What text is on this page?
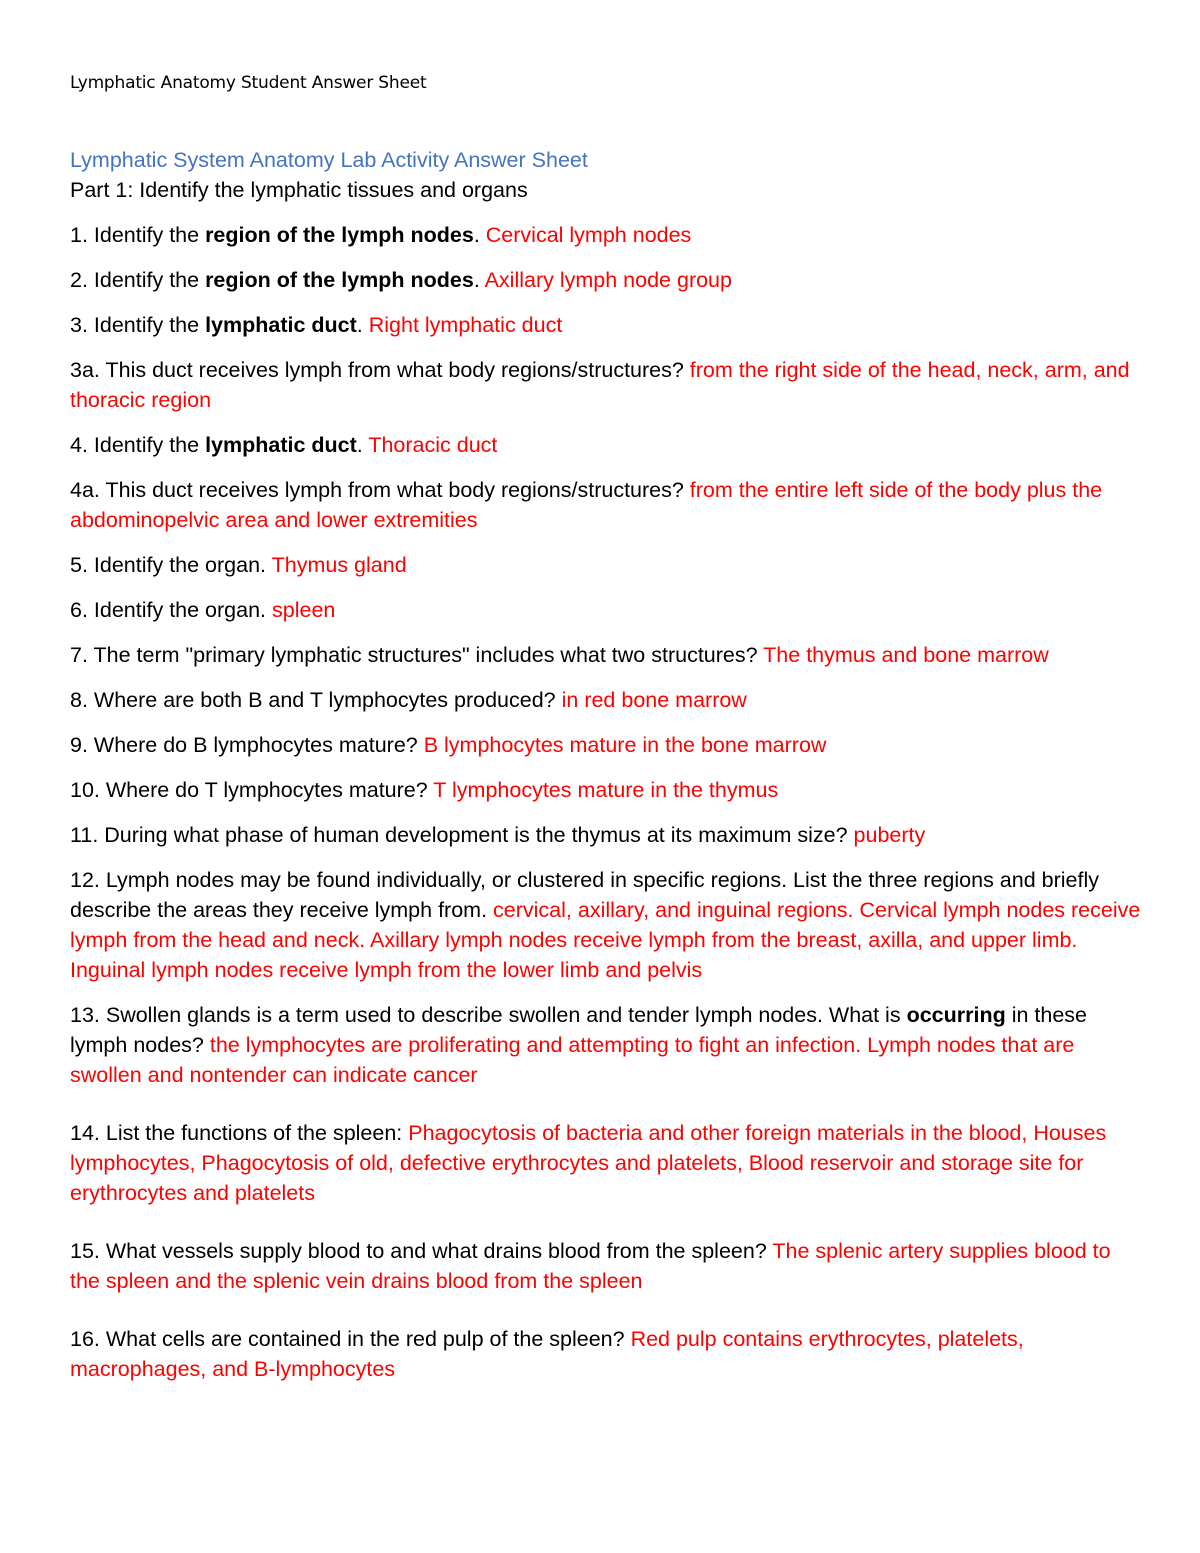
Lymphatic Anatomy Student Answer Sheet

Lymphatic System Anatomy Lab Activity Answer Sheet

Part 1: Identify the lymphatic tissues and organs

1. Identify the region of the lymph nodes. Cervical lymph nodes

2. Identify the region of the lymph nodes. Axillary lymph node group

3. Identify the lymphatic duct. Right lymphatic duct

3a. This duct receives lymph from what body regions/structures? from the right side of the head, neck, arm, and thoracic region

4. Identify the lymphatic duct. Thoracic duct

4a. This duct receives lymph from what body regions/structures? from the entire left side of the body plus the abdominopelvic area and lower extremities

5. Identify the organ. Thymus gland

6. Identify the organ. spleen

7. The term "primary lymphatic structures" includes what two structures? The thymus and bone marrow

8. Where are both B and T lymphocytes produced? in red bone marrow

9. Where do B lymphocytes mature? B lymphocytes mature in the bone marrow

10. Where do T lymphocytes mature? T lymphocytes mature in the thymus

11. During what phase of human development is the thymus at its maximum size? puberty

12. Lymph nodes may be found individually, or clustered in specific regions. List the three regions and briefly describe the areas they receive lymph from. cervical, axillary, and inguinal regions. Cervical lymph nodes receive lymph from the head and neck. Axillary lymph nodes receive lymph from the breast, axilla, and upper limb. Inguinal lymph nodes receive lymph from the lower limb and pelvis

13. Swollen glands is a term used to describe swollen and tender lymph nodes. What is occurring in these lymph nodes? the lymphocytes are proliferating and attempting to fight an infection. Lymph nodes that are swollen and nontender can indicate cancer

14. List the functions of the spleen: Phagocytosis of bacteria and other foreign materials in the blood, Houses lymphocytes, Phagocytosis of old, defective erythrocytes and platelets, Blood reservoir and storage site for erythrocytes and platelets

15. What vessels supply blood to and what drains blood from the spleen? The splenic artery supplies blood to the spleen and the splenic vein drains blood from the spleen

16. What cells are contained in the red pulp of the spleen? Red pulp contains erythrocytes, platelets, macrophages, and B-lymphocytes
